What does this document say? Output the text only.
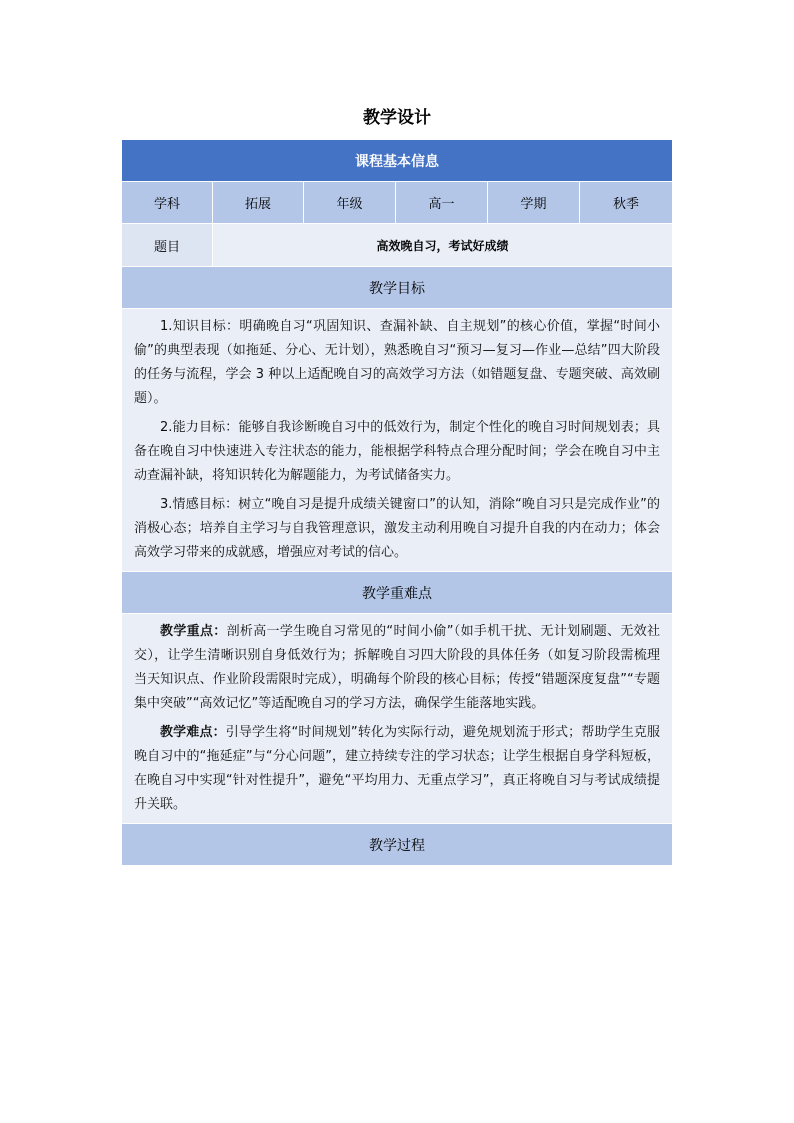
教学设计
课程基本信息					
学科	拓展	年级	高一	学期	秋季
题目	高效晚自习，考试好成绩				
教学目标					

1.知识目标：明确晚自习“巩固知识、查漏补缺、自主规划”的核心价值，掌握“时间小偷”的典型表现（如拖延、分心、无计划），熟悉晚自习“预习—复习—作业—总结”四大阶段的任务与流程，学会 3 种以上适配晚自习的高效学习方法（如错题复盘、专题突破、高效刷题）。

2.能力目标：能够自我诊断晚自习中的低效行为，制定个性化的晚自习时间规划表；具备在晚自习中快速进入专注状态的能力，能根据学科特点合理分配时间；学会在晚自习中主动查漏补缺，将知识转化为解题能力，为考试储备实力。

3.情感目标：树立“晚自习是提升成绩关键窗口”的认知，消除“晚自习只是完成作业”的消极心态；培养自主学习与自我管理意识，激发主动利用晚自习提升自我的内在动力；体会高效学习带来的成就感，增强应对考试的信心。					

教学重难点					

教学重点：剖析高一学生晚自习常见的“时间小偷”（如手机干扰、无计划刷题、无效社交），让学生清晰识别自身低效行为；拆解晚自习四大阶段的具体任务（如复习阶段需梳理当天知识点、作业阶段需限时完成），明确每个阶段的核心目标；传授“错题深度复盘”“专题集中突破”“高效记忆”等适配晚自习的学习方法，确保学生能落地实践。

教学难点：引导学生将“时间规划”转化为实际行动，避免规划流于形式；帮助学生克服晚自习中的“拖延症”与“分心问题”，建立持续专注的学习状态；让学生根据自身学科短板，在晚自习中实现“针对性提升”，避免“平均用力、无重点学习”，真正将晚自习与考试成绩提升关联。					

教学过程					
